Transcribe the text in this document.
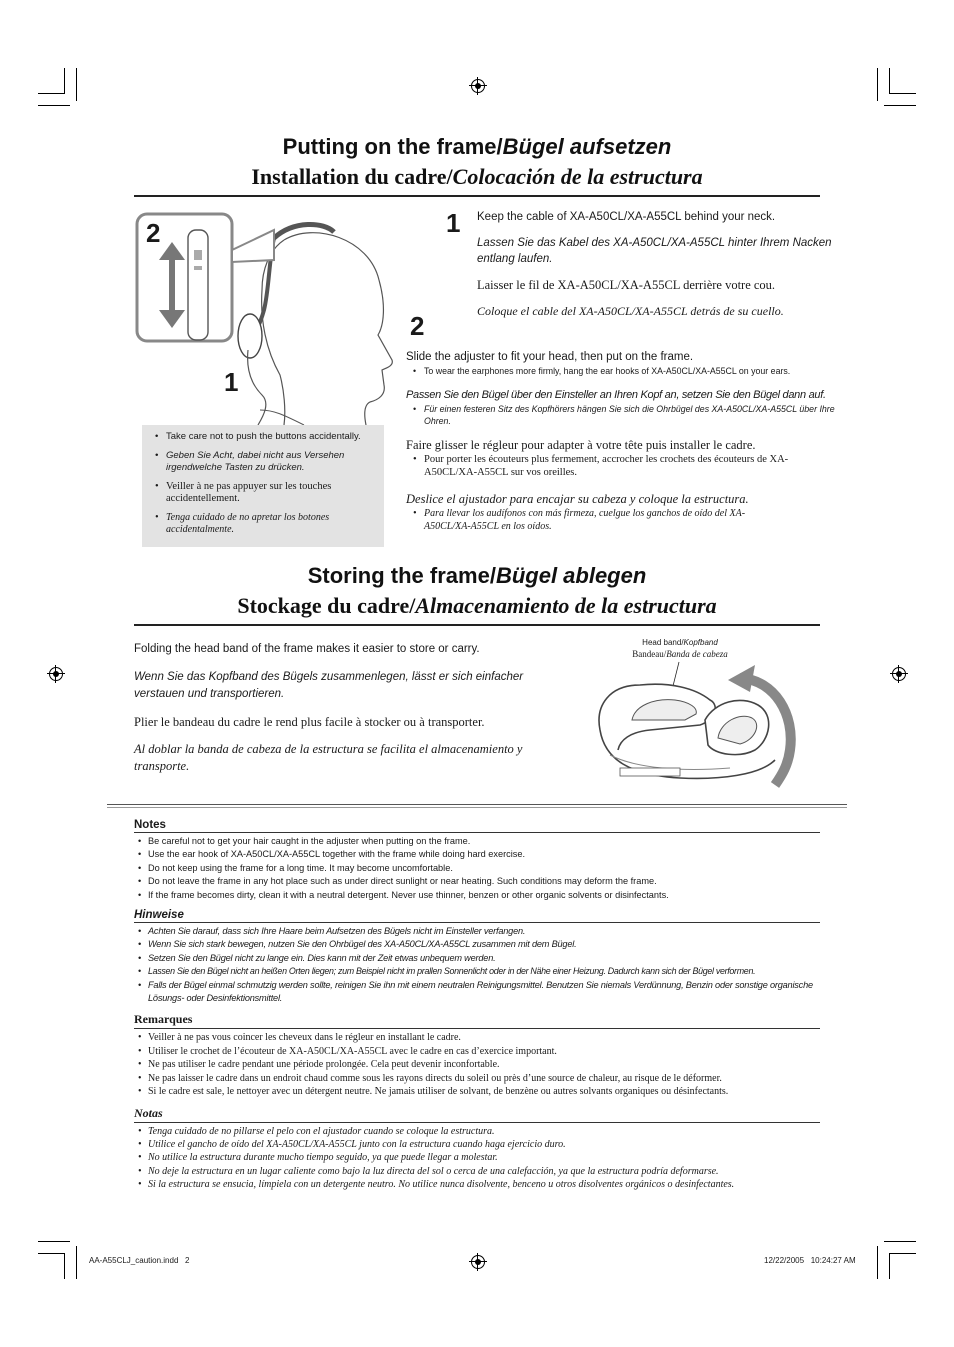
Putting on the frame/Bügel aufsetzen
Installation du cadre/Colocación de la estructura
2
1
• Take care not to push the buttons accidentally.
• Geben Sie Acht, dabei nicht aus Versehen irgendwelche Tasten zu drücken.
• Veiller à ne pas appuyer sur les touches accidentellement.
• Tenga cuidado de no apretar los botones accidentalmente.
1 Keep the cable of XA-A50CL/XA-A55CL behind your neck.

Lassen Sie das Kabel des XA-A50CL/XA-A55CL hinter Ihrem Nacken entlang laufen.

Laisser le fil de XA-A50CL/XA-A55CL derrière votre cou.

Coloque el cable del XA-A50CL/XA-A55CL detrás de su cuello.

2

Slide the adjuster to fit your head, then put on the frame.

• To wear the earphones more firmly, hang the ear hooks of XA-A50CL/XA-A55CL on your ears.

Passen Sie den Bügel über den Einsteller an Ihren Kopf an, setzen Sie den Bügel dann auf.

• Für einen festeren Sitz des Kopfhörers hängen Sie sich die Ohrbügel des XA-A50CL/XA-A55CL über Ihre Ohren.

Faire glisser le régleur pour adapter à votre tête puis installer le cadre.

• Pour porter les écouteurs plus fermement, accrocher les crochets des écouteurs de XA-A50CL/XA-A55CL sur vos oreilles.

Deslice el ajustador para encajar su cabeza y coloque la estructura.

• Para llevar los audífonos con más firmeza, cuelgue los ganchos de oído del XA-A50CL/XA-A55CL en los oídos.
Storing the frame/Bügel ablegen
Stockage du cadre/Almacenamiento de la estructura

Folding the head band of the frame makes it easier to store or carry.

Wenn Sie das Kopfband des Bügels zusammenlegen, lässt er sich einfacher verstauen und transportieren.

Plier le bandeau du cadre le rend plus facile à stocker ou à transporter.

Al doblar la banda de cabeza de la estructura se facilita el almacenamiento y transporte.

Head band/Kopfband
Bandeau/Banda de cabeza
Notes
• Be careful not to get your hair caught in the adjuster when putting on the frame.
• Use the ear hook of XA-A50CL/XA-A55CL together with the frame while doing hard exercise.
• Do not keep using the frame for a long time. It may become uncomfortable.
• Do not leave the frame in any hot place such as under direct sunlight or near heating. Such conditions may deform the frame.
• If the frame becomes dirty, clean it with a neutral detergent. Never use thinner, benzen or other organic solvents or disinfectants.
Hinweise
• Achten Sie darauf, dass sich Ihre Haare beim Aufsetzen des Bügels nicht im Einsteller verfangen.
• Wenn Sie sich stark bewegen, nutzen Sie den Ohrbügel des XA-A50CL/XA-A55CL zusammen mit dem Bügel.
• Setzen Sie den Bügel nicht zu lange ein. Dies kann mit der Zeit etwas unbequem werden.
• Lassen Sie den Bügel nicht an heißen Orten liegen; zum Beispiel nicht im prallen Sonnenlicht oder in der Nähe einer Heizung. Dadurch kann sich der Bügel verformen.
• Falls der Bügel einmal schmutzig werden sollte, reinigen Sie ihn mit einem neutralen Reinigungsmittel. Benutzen Sie niemals Verdünnung, Benzin oder sonstige organische Lösungs- oder Desinfektionsmittel.
Remarques
• Veiller à ne pas vous coincer les cheveux dans le régleur en installant le cadre.
• Utiliser le crochet de l’écouteur de XA-A50CL/XA-A55CL avec le cadre en cas d’exercice important.
• Ne pas utiliser le cadre pendant une période prolongée. Cela peut devenir inconfortable.
• Ne pas laisser le cadre dans un endroit chaud comme sous les rayons directs du soleil ou près d’une source de chaleur, au risque de le déformer.
• Si le cadre est sale, le nettoyer avec un détergent neutre. Ne jamais utiliser de solvant, de benzène ou autres solvants organiques ou désinfectants.
Notas
• Tenga cuidado de no pillarse el pelo con el ajustador cuando se coloque la estructura.
• Utilice el gancho de oído del XA-A50CL/XA-A55CL junto con la estructura cuando haga ejercicio duro.
• No utilice la estructura durante mucho tiempo seguido, ya que puede llegar a molestar.
• No deje la estructura en un lugar caliente como bajo la luz directa del sol o cerca de una calefacción, ya que la estructura podría deformarse.
• Si la estructura se ensucia, límpiela con un detergente neutro. No utilice nunca disolvente, benceno u otros disolventes orgánicos o desinfectantes.
AA-A55CLJ_caution.indd   2	12/22/2005   10:24:27 AM
